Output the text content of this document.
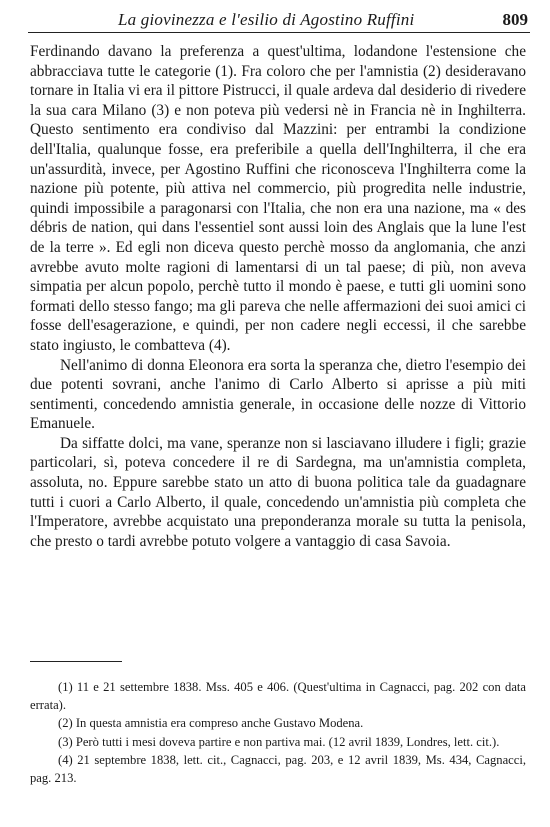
La giovinezza e l'esilio di Agostino Ruffini	809

Ferdinando davano la preferenza a quest'ultima, lodandone l'estensione che abbracciava tutte le categorie (1). Fra coloro che per l'amnistia (2) desideravano tornare in Italia vi era il pittore Pistrucci, il quale ardeva dal desiderio di rivedere la sua cara Milano (3) e non poteva più vedersi nè in Francia nè in Inghilterra. Questo sentimento era condiviso dal Mazzini: per entrambi la condizione dell'Italia, qualunque fosse, era preferibile a quella dell'Inghilterra, il che era un'assurdità, invece, per Agostino Ruffini che riconosceva l'Inghilterra come la nazione più potente, più attiva nel commercio, più progredita nelle industrie, quindi impossibile a paragonarsi con l'Italia, che non era una nazione, ma « des débris de nation, qui dans l'essentiel sont aussi loin des Anglais que la lune l'est de la terre ». Ed egli non diceva questo perchè mosso da anglomania, che anzi avrebbe avuto molte ragioni di lamentarsi di un tal paese; di più, non aveva simpatia per alcun popolo, perchè tutto il mondo è paese, e tutti gli uomini sono formati dello stesso fango; ma gli pareva che nelle affermazioni dei suoi amici ci fosse dell'esagerazione, e quindi, per non cadere negli eccessi, il che sarebbe stato ingiusto, le combatteva (4).

Nell'animo di donna Eleonora era sorta la speranza che, dietro l'esempio dei due potenti sovrani, anche l'animo di Carlo Alberto si aprisse a più miti sentimenti, concedendo amnistia generale, in occasione delle nozze di Vittorio Emanuele.

Da siffatte dolci, ma vane, speranze non si lasciavano illudere i figli; grazie particolari, sì, poteva concedere il re di Sardegna, ma un'amnistia completa, assoluta, no. Eppure sarebbe stato un atto di buona politica tale da guadagnare tutti i cuori a Carlo Alberto, il quale, concedendo un'amnistia più completa che l'Imperatore, avrebbe acquistato una preponderanza morale su tutta la penisola, che presto o tardi avrebbe potuto volgere a vantaggio di casa Savoia.

(1) 11 e 21 settembre 1838. Mss. 405 e 406. (Quest'ultima in Cagnacci, pag. 202 con data errata).

(2) In questa amnistia era compreso anche Gustavo Modena.

(3) Però tutti i mesi doveva partire e non partiva mai. (12 avril 1839, Londres, lett. cit.).

(4) 21 septembre 1838, lett. cit., Cagnacci, pag. 203, e 12 avril 1839, Ms. 434, Cagnacci, pag. 213.
